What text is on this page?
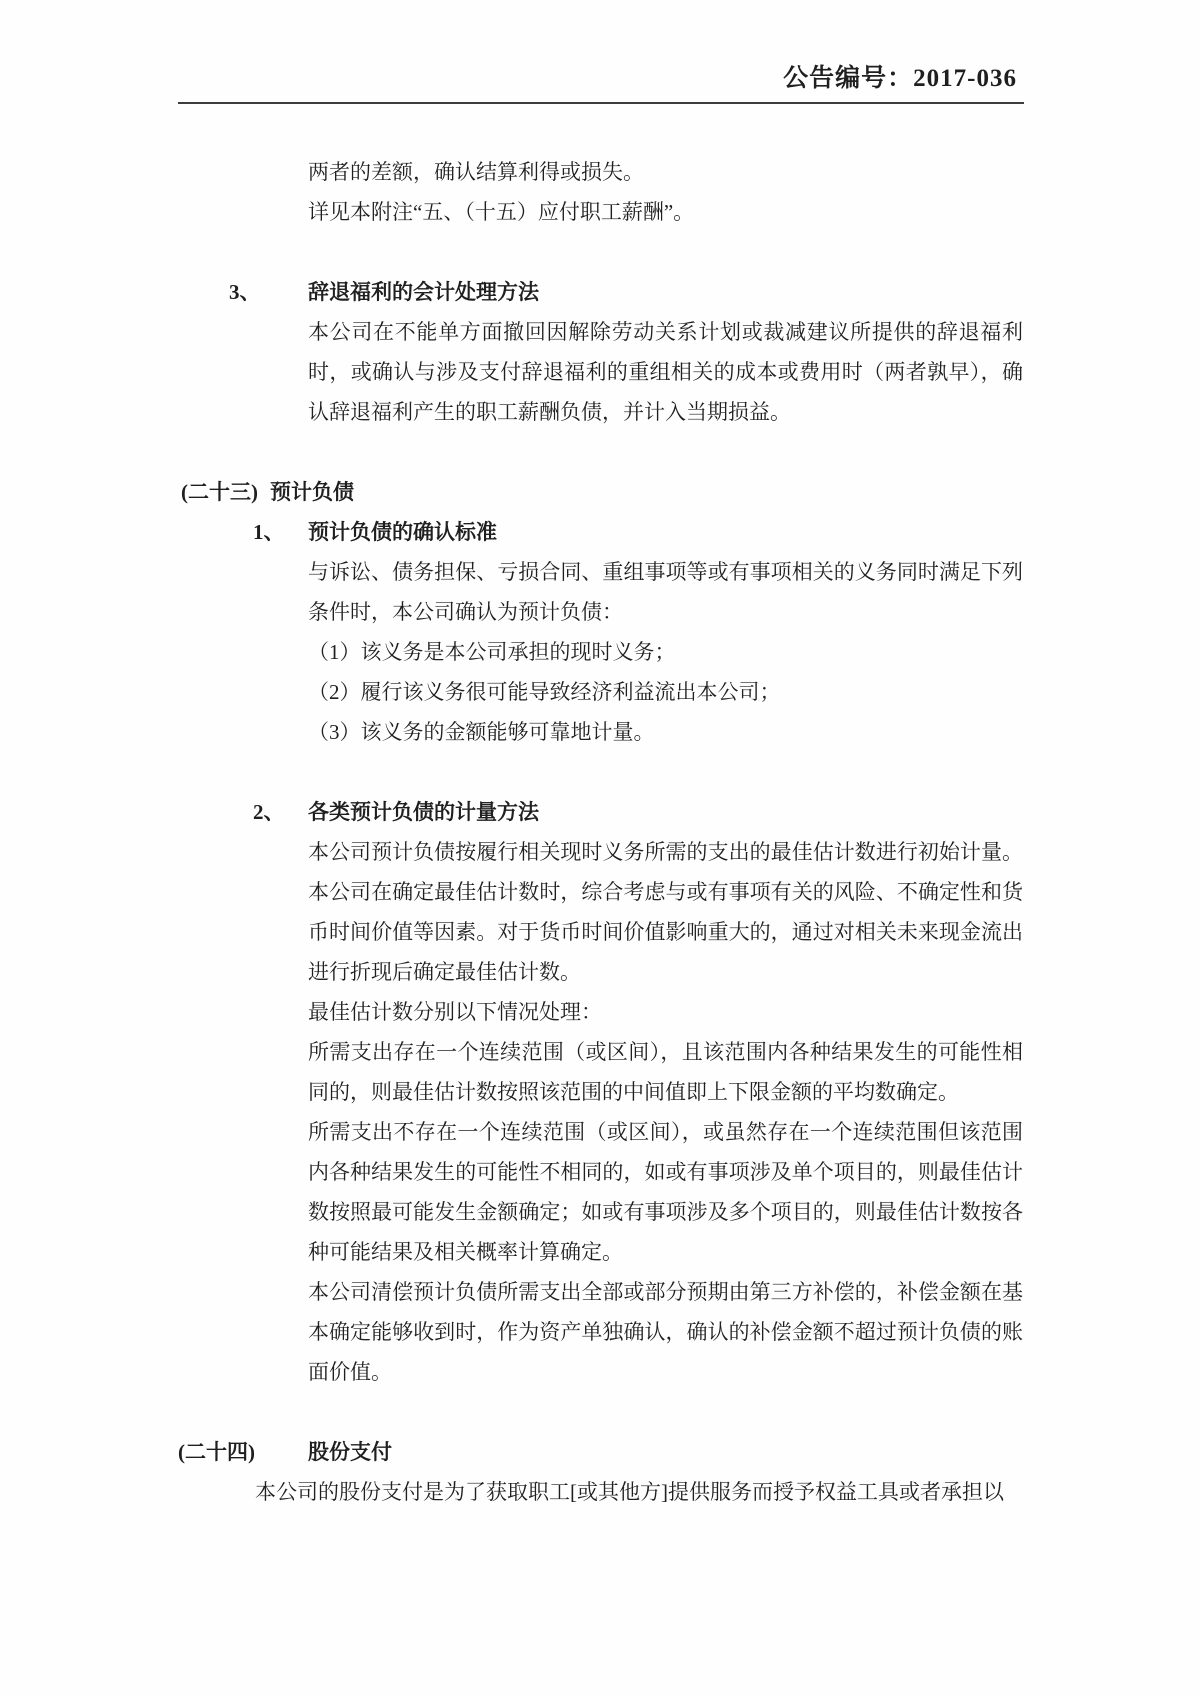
公告编号：2017-036
两者的差额，确认结算利得或损失。
详见本附注“五、（十五）应付职工薪酬”。
3、	辞退福利的会计处理方法
本公司在不能单方面撤回因解除劳动关系计划或裁减建议所提供的辞退福利
时，或确认与涉及支付辞退福利的重组相关的成本或费用时（两者孰早），确
认辞退福利产生的职工薪酬负债，并计入当期损益。
(二十三) 预计负债
1、	预计负债的确认标准
与诉讼、债务担保、亏损合同、重组事项等或有事项相关的义务同时满足下列
条件时，本公司确认为预计负债：
（1）该义务是本公司承担的现时义务；
（2）履行该义务很可能导致经济利益流出本公司；
（3）该义务的金额能够可靠地计量。
2、	各类预计负债的计量方法
本公司预计负债按履行相关现时义务所需的支出的最佳估计数进行初始计量。
本公司在确定最佳估计数时，综合考虑与或有事项有关的风险、不确定性和货
币时间价值等因素。对于货币时间价值影响重大的，通过对相关未来现金流出
进行折现后确定最佳估计数。
最佳估计数分别以下情况处理：
所需支出存在一个连续范围（或区间），且该范围内各种结果发生的可能性相
同的，则最佳估计数按照该范围的中间值即上下限金额的平均数确定。
所需支出不存在一个连续范围（或区间），或虽然存在一个连续范围但该范围
内各种结果发生的可能性不相同的，如或有事项涉及单个项目的，则最佳估计
数按照最可能发生金额确定；如或有事项涉及多个项目的，则最佳估计数按各
种可能结果及相关概率计算确定。
本公司清偿预计负债所需支出全部或部分预期由第三方补偿的，补偿金额在基
本确定能够收到时，作为资产单独确认，确认的补偿金额不超过预计负债的账
面价值。
(二十四)	股份支付
本公司的股份支付是为了获取职工[或其他方]提供服务而授予权益工具或者承担以
